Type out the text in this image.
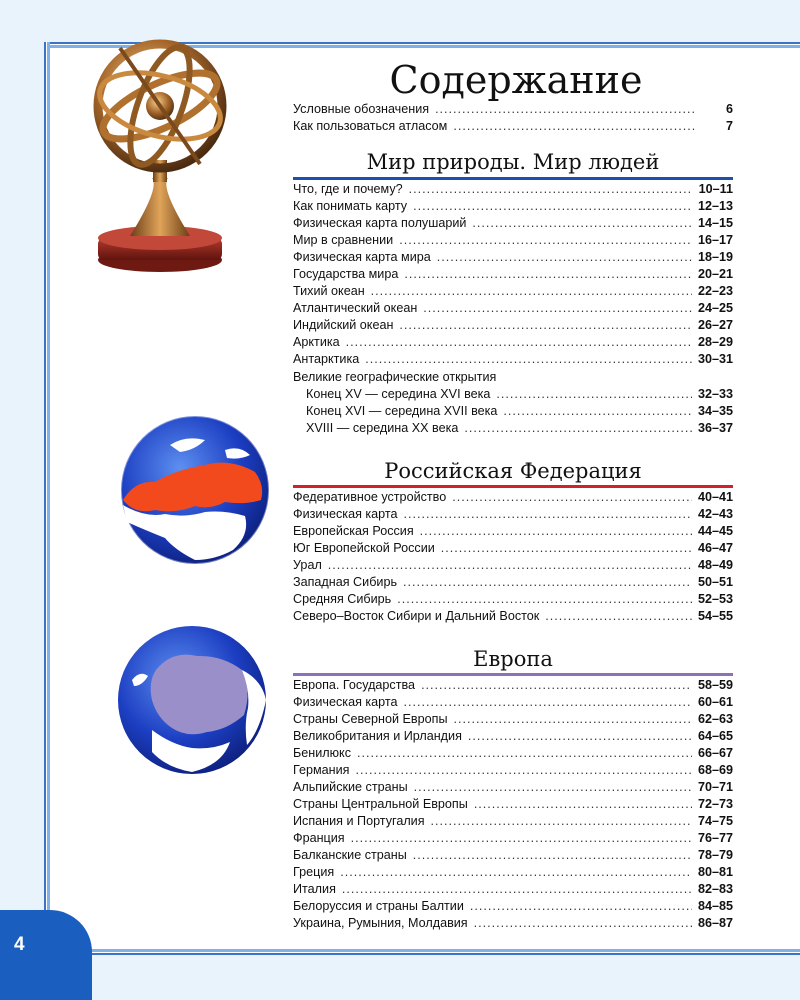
4
Содержание
Условные обозначения .....	6
Как пользоваться атласом .....	7
Мир природы. Мир людей
Что, где и почему? .....	10–11
Как понимать карту .....	12–13
Физическая карта полушарий .....	14–15
Мир в сравнении .....	16–17
Физическая карта мира .....	18–19
Государства мира .....	20–21
Тихий океан .....	22–23
Атлантический океан .....	24–25
Индийский океан .....	26–27
Арктика .....	28–29
Антарктика .....	30–31
Великие географические открытия
Конец XV — середина XVI века .....	32–33
Конец XVI — середина XVII века .....	34–35
XVIII — середина XX века .....	36–37
Российская Федерация
Федеративное устройство .....	40–41
Физическая карта .....	42–43
Европейская Россия .....	44–45
Юг Европейской России .....	46–47
Урал .....	48–49
Западная Сибирь .....	50–51
Средняя Сибирь .....	52–53
Северо–Восток Сибири и Дальний Восток .....	54–55
Европа
Европа. Государства .....	58–59
Физическая карта .....	60–61
Страны Северной Европы .....	62–63
Великобритания и Ирландия .....	64–65
Бенилюкс .....	66–67
Германия .....	68–69
Альпийские страны .....	70–71
Страны Центральной Европы .....	72–73
Испания и Португалия .....	74–75
Франция .....	76–77
Балканские страны .....	78–79
Греция .....	80–81
Италия .....	82–83
Белоруссия и страны Балтии .....	84–85
Украина, Румыния, Молдавия .....	86–87
